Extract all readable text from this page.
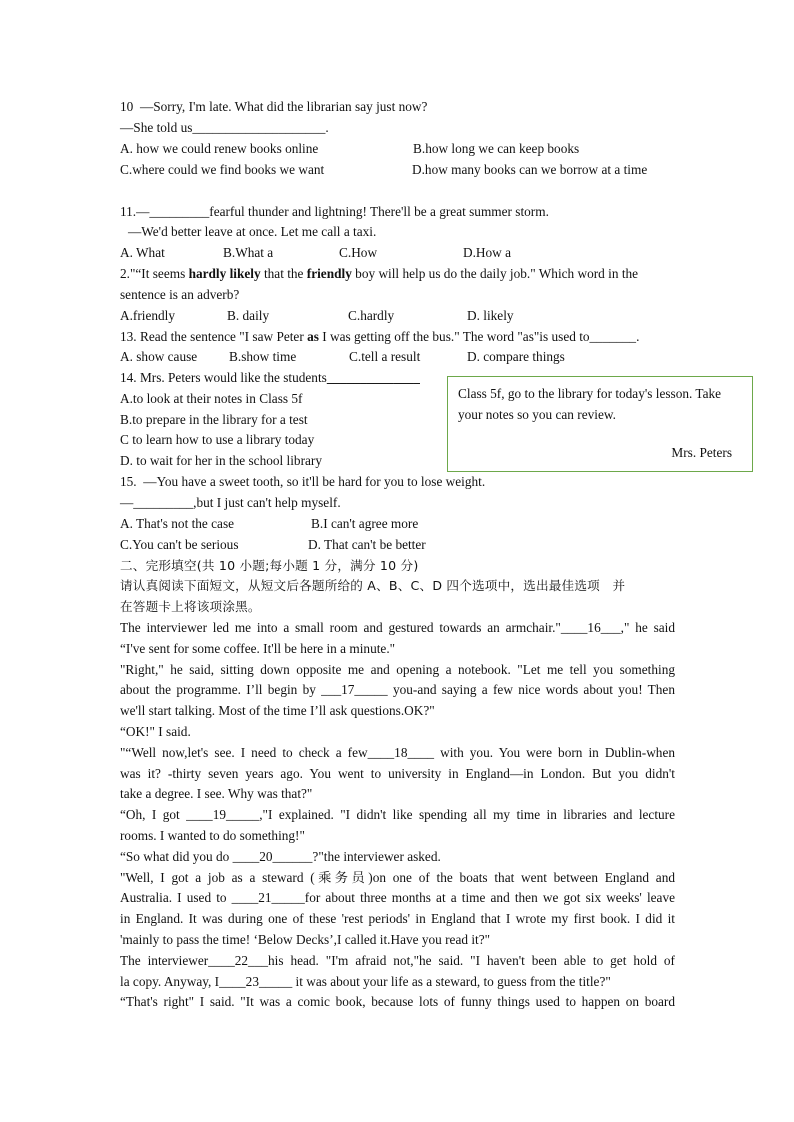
10  —Sorry, I'm late. What did the librarian say just now?
—She told us____________________.
A. how we could renew books online	B.how long we can keep books
C.where could we find books we want	D.how many books can we borrow at a time
11.—_________fearful thunder and lightning! There'll be a great summer storm.
—We'd better leave at once. Let me call a taxi.
A. What	B.What a	C.How	D.How a
2."“It seems hardly likely that the friendly boy will help us do the daily job." Which word in the
sentence is an adverb?
A.friendly	B. daily	C.hardly	D. likely
13. Read the sentence "I saw Peter as I was getting off the bus." The word "as"is used to_______.
A. show cause	B.show time	C.tell a result	D. compare things
14. Mrs. Peters would like the students ______________
A.to look at their notes in Class 5f
B.to prepare in the library for a test
C to learn how to use a library today
D. to wait for her in the school library
Class 5f, go to the library for today's lesson. Take
your notes so you can review.
Mrs. Peters
15.  —You have a sweet tooth, so it'll be hard for you to lose weight.
—_________,but I just can't help myself.
A. That's not the case	B.I can't agree more
C.You can't be serious	D. That can't be better
二、完形填空(共 10 小题;每小题 1 分，满分 10 分)
请认真阅读下面短文，从短文后各题所给的 A、B、C、D 四个选项中，选出最佳选项   并
在答题卡上将该项涂黑。
The interviewer led me into a small room and gestured towards an armchair."____16___," he said
“I've sent for some coffee. It'll be here in a minute."
"Right," he said, sitting down opposite me and opening a notebook. "Let me tell you something
about the programme. I’ll begin by ___17_____ you-and saying a few nice words about you! Then
we'll start talking. Most of the time I’ll ask questions.OK?"
“OK!" I said.
"“Well now,let's see. I need to check a few____18____ with you. You were born in Dublin-when
was it? -thirty seven years ago. You went to university in England—in London. But you didn't
take a degree. I see. Why was that?"
“Oh, I got ____19_____,"I explained. "I didn't like spending all my time in libraries and lecture
rooms. I wanted to do something!"
“So what did you do ____20______?"the interviewer asked.
"Well, I got a job as a steward (乘务员)on one of the boats that went between England and
Australia. I used to ____21_____for about three months at a time and then we got six weeks' leave
in England. It was during one of these 'rest periods' in England that I wrote my first book. I did it
'mainly to pass the time! ‘Below Decks’,I called it.Have you read it?"
The interviewer____22___his head. "I'm afraid not,"he said. "I haven't been able to get hold of
la copy. Anyway, I____23_____ it was about your life as a steward, to guess from the title?"
“That's right" I said. "It was a comic book, because lots of funny things used to happen on board
